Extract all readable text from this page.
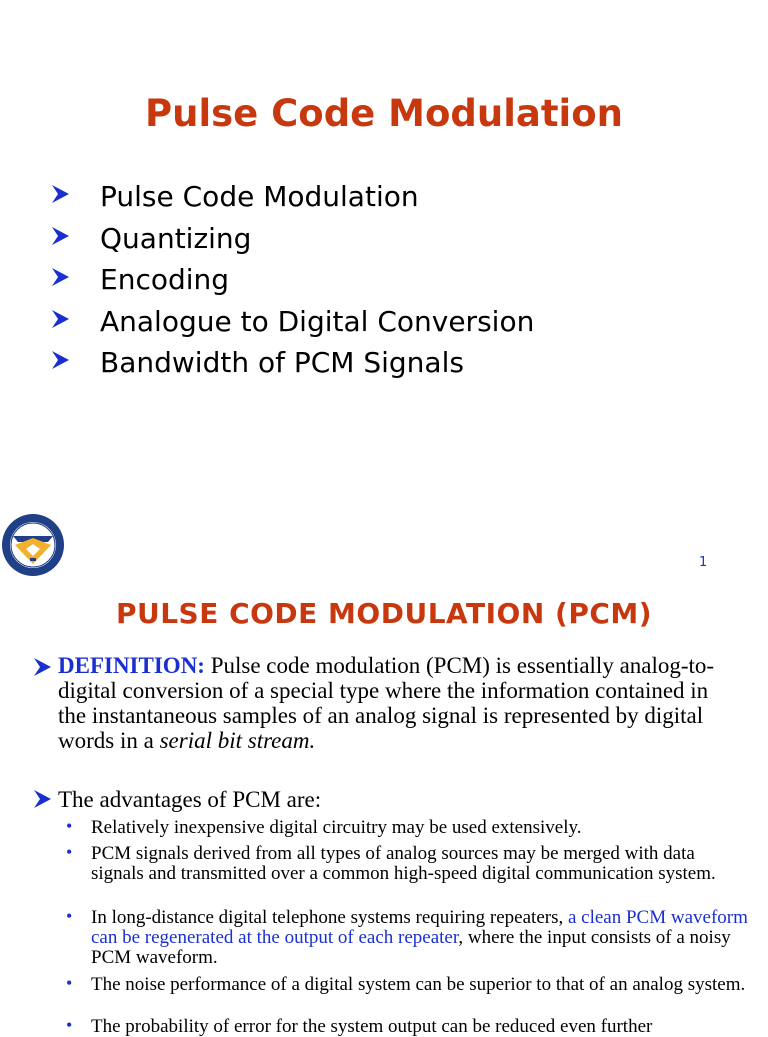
Pulse Code Modulation
Pulse Code Modulation
Quantizing
Encoding
Analogue to Digital Conversion
Bandwidth of PCM Signals
1
PULSE CODE MODULATION (PCM)
DEFINITION: Pulse code modulation (PCM) is essentially analog-to-digital conversion of a special type where the information contained in the instantaneous samples of an analog signal is represented by digital words in a serial bit stream.
The advantages of PCM are:
• Relatively inexpensive digital circuitry may be used extensively.
• PCM signals derived from all types of analog sources may be merged with data signals and transmitted over a common high-speed digital communication system.
• In long-distance digital telephone systems requiring repeaters, a clean PCM waveform can be regenerated at the output of each repeater, where the input consists of a noisy PCM waveform.
• The noise performance of a digital system can be superior to that of an analog system.
• The probability of error for the system output can be reduced even further
